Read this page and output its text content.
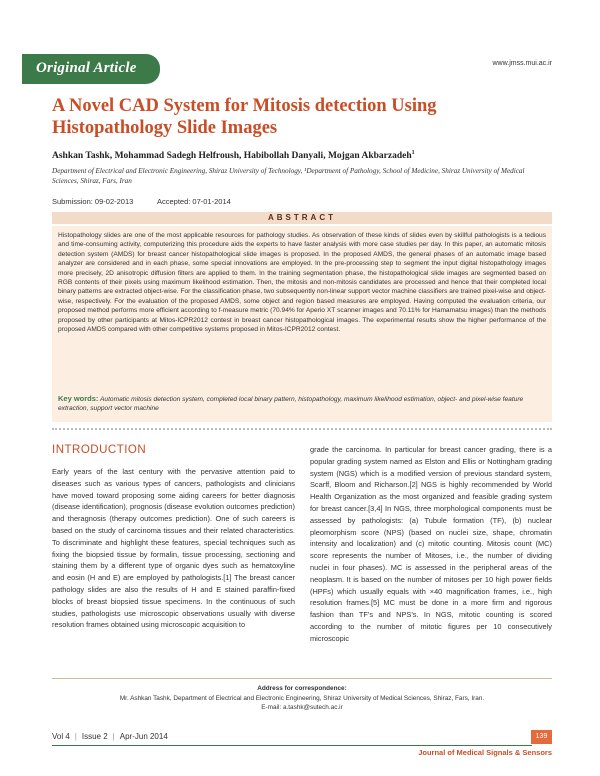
Original Article	www.jmss.mui.ac.ir
A Novel CAD System for Mitosis detection Using Histopathology Slide Images
Ashkan Tashk, Mohammad Sadegh Helfroush, Habibollah Danyali, Mojgan Akbarzadeh$^1$
Department of Electrical and Electronic Engineering, Shiraz University of Technology, ¹Department of Pathology, School of Medicine, Shiraz University of Medical Sciences, Shiraz, Fars, Iran
Submission: 09-02-2013	Accepted: 07-01-2014
ABSTRACT

Histopathology slides are one of the most applicable resources for pathology studies. As observation of these kinds of slides even by skillful pathologists is a tedious and time-consuming activity, computerizing this procedure aids the experts to have faster analysis with more case studies per day. In this paper, an automatic mitosis detection system (AMDS) for breast cancer histopathological slide images is proposed. In the proposed AMDS, the general phases of an automatic image based analyzer are considered and in each phase, some special innovations are employed. In the pre-processing step to segment the input digital histopathology images more precisely, 2D anisotropic diffusion filters are applied to them. In the training segmentation phase, the histopathological slide images are segmented based on RGB contents of their pixels using maximum likelihood estimation. Then, the mitosis and non-mitosis candidates are processed and hence that their completed local binary patterns are extracted object-wise. For the classification phase, two subsequently non-linear support vector machine classifiers are trained pixel-wise and object-wise, respectively. For the evaluation of the proposed AMDS, some object and region based measures are employed. Having computed the evaluation criteria, our proposed method performs more efficient according to f-measure metric (70.94% for Aperio XT scanner images and 70.11% for Hamamatsu images) than the methods proposed by other participants at Mitos-ICPR2012 contest in breast cancer histopathological images. The experimental results show the higher performance of the proposed AMDS compared with other competitive systems proposed in Mitos-ICPR2012 contest.

Key words: Automatic mitosis detection system, completed local binary pattern, histopathology, maximum likelihood estimation, object- and pixel-wise feature extraction, support vector machine

INTRODUCTION

Early years of the last century with the pervasive attention paid to diseases such as various types of cancers, pathologists and clinicians have moved toward proposing some aiding careers for better diagnosis (disease identification), prognosis (disease evolution outcomes prediction) and theragnosis (therapy outcomes prediction). One of such careers is based on the study of carcinoma tissues and their related characteristics. To discriminate and highlight these features, special techniques such as fixing the biopsied tissue by formalin, tissue processing, sectioning and staining them by a different type of organic dyes such as hematoxyline and eosin (H and E) are employed by pathologists.[1] The breast cancer pathology slides are also the results of H and E stained paraffin-fixed blocks of breast biopsied tissue specimens. In the continuous of such studies, pathologists use microscopic observations usually with diverse resolution frames obtained using microscopic acquisition to

grade the carcinoma. In particular for breast cancer grading, there is a popular grading system named as Elston and Ellis or Nottingham grading system (NGS) which is a modified version of previous standard system, Scarff, Bloom and Richarson.[2] NGS is highly recommended by World Health Organization as the most organized and feasible grading system for breast cancer.[3,4] In NGS, three morphological components must be assessed by pathologists: (a) Tubule formation (TF), (b) nuclear pleomorphism score (NPS) (based on nuclei size, shape, chromatin intensity and localization) and (c) mitotic counting. Mitosis count (MC) score represents the number of Mitoses, i.e., the number of dividing nuclei in four phases). MC is assessed in the peripheral areas of the neoplasm. It is based on the number of mitoses per 10 high power fields (HPFs) which usually equals with ×40 magnification frames, i.e., high resolution frames.[5] MC must be done in a more firm and rigorous fashion than TF's and NPS's. In NGS, mitotic counting is scored according to the number of mitotic figures per 10 consecutively microscopic

Address for correspondence:
Mr. Ashkan Tashk, Department of Electrical and Electronic Engineering, Shiraz University of Medical Sciences, Shiraz, Fars, Iran.
E-mail: a.tashk@sutech.ac.ir
Vol 4 | Issue 2 | Apr-Jun 2014	139
Journal of Medical Signals & Sensors
